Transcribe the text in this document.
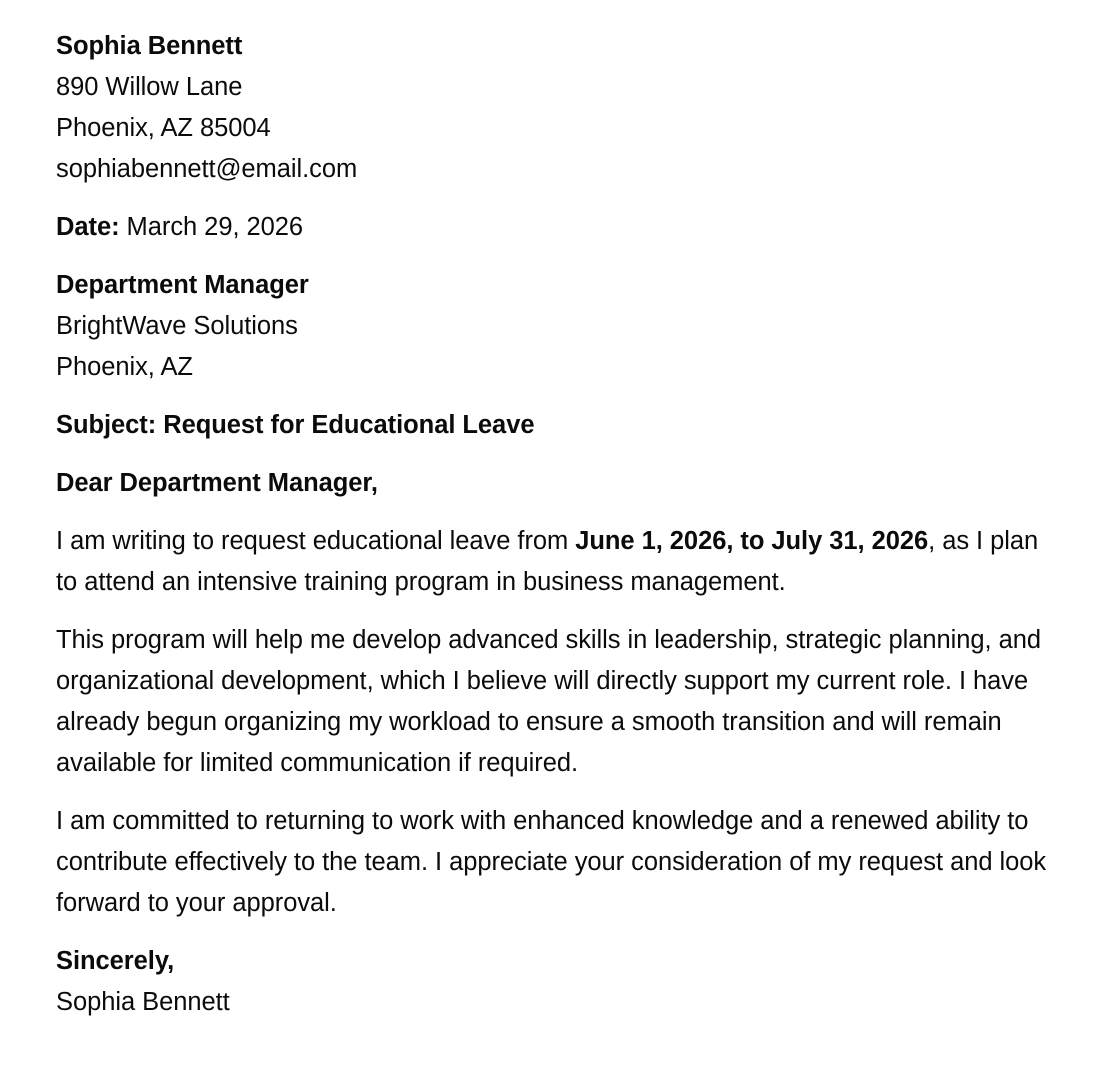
Sophia Bennett
890 Willow Lane
Phoenix, AZ 85004
sophiabennett@email.com
Date: March 29, 2026
Department Manager
BrightWave Solutions
Phoenix, AZ
Subject: Request for Educational Leave
Dear Department Manager,

I am writing to request educational leave from June 1, 2026, to July 31, 2026, as I plan to attend an intensive training program in business management.

This program will help me develop advanced skills in leadership, strategic planning, and organizational development, which I believe will directly support my current role. I have already begun organizing my workload to ensure a smooth transition and will remain available for limited communication if required.

I am committed to returning to work with enhanced knowledge and a renewed ability to contribute effectively to the team. I appreciate your consideration of my request and look forward to your approval.

Sincerely,
Sophia Bennett
